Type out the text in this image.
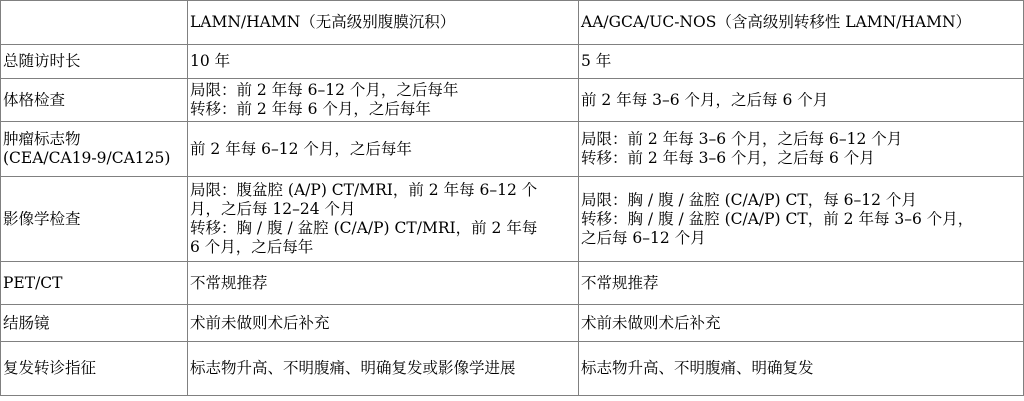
	LAMN/HAMN（无高级别腹膜沉积）	AA/GCA/UC-NOS（含高级别转移性 LAMN/HAMN）

总随访时长	10 年	5 年

体格检查	局限：前 2 年每 6–12 个月，之后每年
转移：前 2 年每 6 个月，之后每年	前 2 年每 3–6 个月，之后每 6 个月

肿瘤标志物
(CEA/CA19-9/CA125)	前 2 年每 6–12 个月，之后每年	局限：前 2 年每 3–6 个月，之后每 6–12 个月
转移：前 2 年每 3–6 个月，之后每 6 个月

影像学检查	局限：腹盆腔 (A/P) CT/MRI，前 2 年每 6–12 个
月，之后每 12–24 个月
转移：胸 / 腹 / 盆腔 (C/A/P) CT/MRI，前 2 年每
6 个月，之后每年	局限：胸 / 腹 / 盆腔 (C/A/P) CT，每 6–12 个月
转移：胸 / 腹 / 盆腔 (C/A/P) CT，前 2 年每 3–6 个月，
之后每 6–12 个月

PET/CT	不常规推荐	不常规推荐

结肠镜	术前未做则术后补充	术前未做则术后补充

复发转诊指征	标志物升高、不明腹痛、明确复发或影像学进展	标志物升高、不明腹痛、明确复发
